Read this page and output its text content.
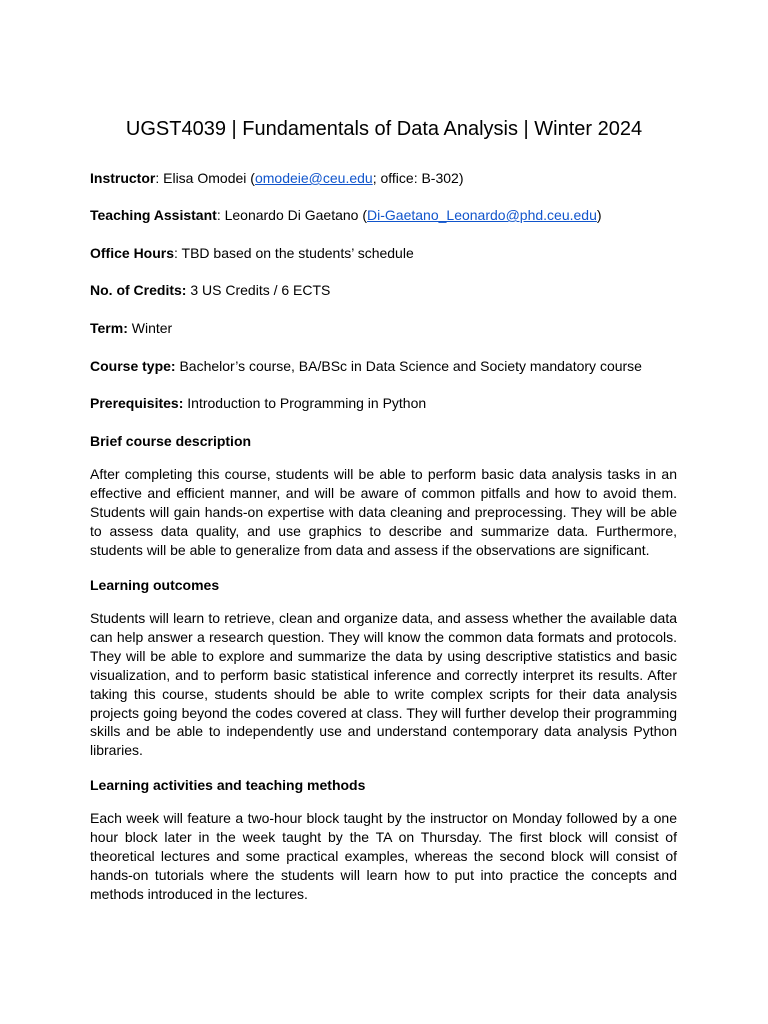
UGST4039 | Fundamentals of Data Analysis | Winter 2024
Instructor: Elisa Omodei (omodeie@ceu.edu; office: B-302)
Teaching Assistant: Leonardo Di Gaetano (Di-Gaetano_Leonardo@phd.ceu.edu)
Office Hours: TBD based on the students’ schedule
No. of Credits: 3 US Credits / 6 ECTS
Term: Winter
Course type: Bachelor’s course, BA/BSc in Data Science and Society mandatory course
Prerequisites: Introduction to Programming in Python
Brief course description

After completing this course, students will be able to perform basic data analysis tasks in an effective and efficient manner, and will be aware of common pitfalls and how to avoid them. Students will gain hands-on expertise with data cleaning and preprocessing. They will be able to assess data quality, and use graphics to describe and summarize data. Furthermore, students will be able to generalize from data and assess if the observations are significant.

Learning outcomes

Students will learn to retrieve, clean and organize data, and assess whether the available data can help answer a research question. They will know the common data formats and protocols. They will be able to explore and summarize the data by using descriptive statistics and basic visualization, and to perform basic statistical inference and correctly interpret its results. After taking this course, students should be able to write complex scripts for their data analysis projects going beyond the codes covered at class. They will further develop their programming skills and be able to independently use and understand contemporary data analysis Python libraries.

Learning activities and teaching methods

Each week will feature a two-hour block taught by the instructor on Monday followed by a one hour block later in the week taught by the TA on Thursday. The first block will consist of theoretical lectures and some practical examples, whereas the second block will consist of hands-on tutorials where the students will learn how to put into practice the concepts and methods introduced in the lectures.
